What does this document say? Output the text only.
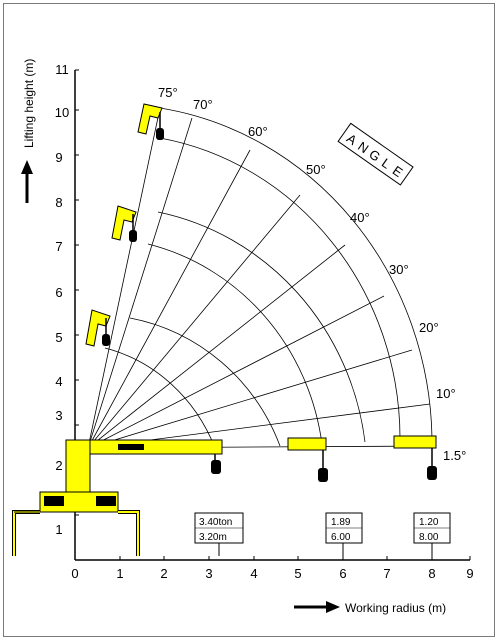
1
2
3
4
5
6
7
8
9
10
11
0	1	2	3	4	5	6	7	8 9
Lifting height (m)
Working radius (m)
75°
70°
60°
50°
40°
30°
20°
10°
1.5°
A
N
G
L
E
3.40ton
3.20m
1.89
6.00
1.20
8.00
